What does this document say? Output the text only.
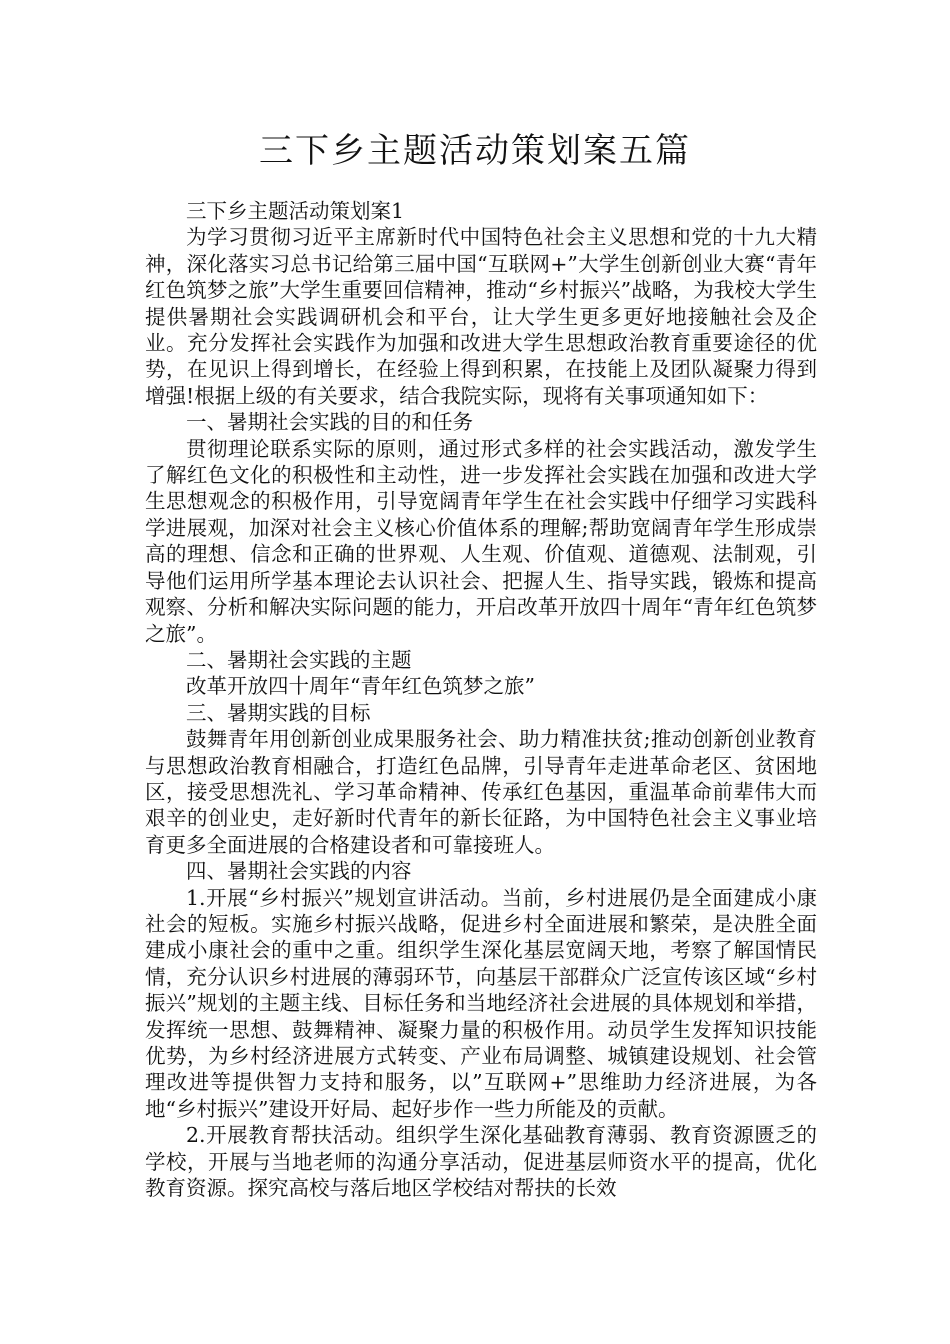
三下乡主题活动策划案五篇

三下乡主题活动策划案1

为学习贯彻习近平主席新时代中国特色社会主义思想和党的十九大精神，深化落实习总书记给第三届中国“互联网+”大学生创新创业大赛“青年红色筑梦之旅”大学生重要回信精神，推动“乡村振兴”战略，为我校大学生提供暑期社会实践调研机会和平台，让大学生更多更好地接触社会及企业。充分发挥社会实践作为加强和改进大学生思想政治教育重要途径的优势，在见识上得到增长，在经验上得到积累，在技能上及团队凝聚力得到增强!根据上级的有关要求，结合我院实际，现将有关事项通知如下：

一、暑期社会实践的目的和任务

贯彻理论联系实际的原则，通过形式多样的社会实践活动，激发学生了解红色文化的积极性和主动性，进一步发挥社会实践在加强和改进大学生思想观念的积极作用，引导宽阔青年学生在社会实践中仔细学习实践科学进展观，加深对社会主义核心价值体系的理解;帮助宽阔青年学生形成崇高的理想、信念和正确的世界观、人生观、价值观、道德观、法制观，引导他们运用所学基本理论去认识社会、把握人生、指导实践，锻炼和提高观察、分析和解决实际问题的能力，开启改革开放四十周年“青年红色筑梦之旅”。

二、暑期社会实践的主题

改革开放四十周年“青年红色筑梦之旅”

三、暑期实践的目标

鼓舞青年用创新创业成果服务社会、助力精准扶贫;推动创新创业教育与思想政治教育相融合，打造红色品牌，引导青年走进革命老区、贫困地区，接受思想洗礼、学习革命精神、传承红色基因，重温革命前辈伟大而艰辛的创业史，走好新时代青年的新长征路，为中国特色社会主义事业培育更多全面进展的合格建设者和可靠接班人。

四、暑期社会实践的内容

1.开展“乡村振兴”规划宣讲活动。当前，乡村进展仍是全面建成小康社会的短板。实施乡村振兴战略，促进乡村全面进展和繁荣，是决胜全面建成小康社会的重中之重。组织学生深化基层宽阔天地，考察了解国情民情，充分认识乡村进展的薄弱环节，向基层干部群众广泛宣传该区域“乡村振兴”规划的主题主线、目标任务和当地经济社会进展的具体规划和举措，发挥统一思想、鼓舞精神、凝聚力量的积极作用。动员学生发挥知识技能优势，为乡村经济进展方式转变、产业布局调整、城镇建设规划、社会管理改进等提供智力支持和服务，以”互联网+”思维助力经济进展，为各地“乡村振兴”建设开好局、起好步作一些力所能及的贡献。

2.开展教育帮扶活动。组织学生深化基础教育薄弱、教育资源匮乏的学校，开展与当地老师的沟通分享活动，促进基层师资水平的提高，优化教育资源。探究高校与落后地区学校结对帮扶的长效
